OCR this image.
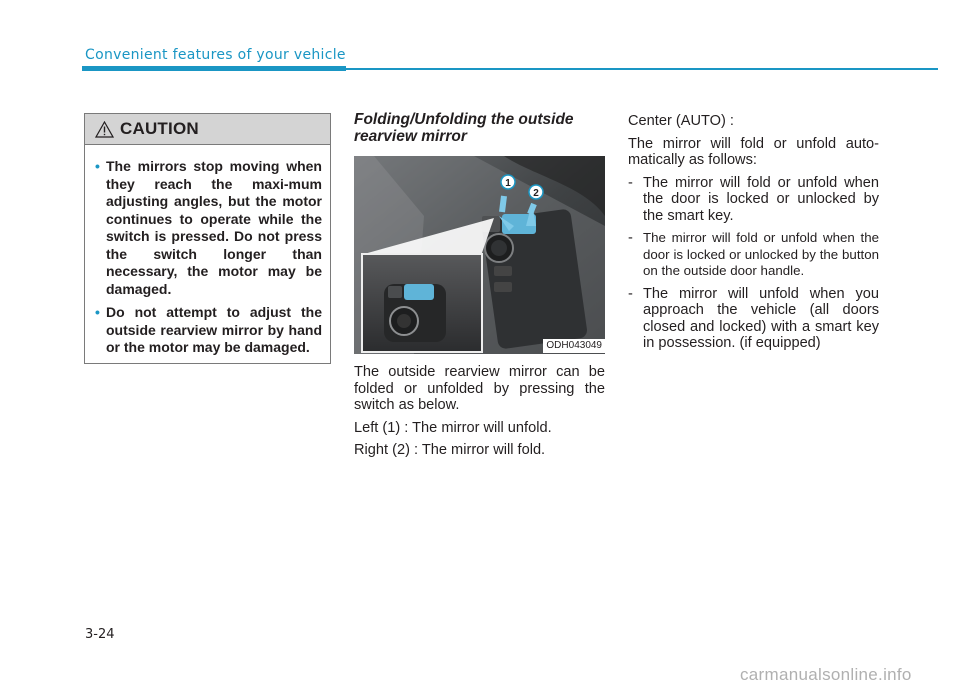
Convenient features of your vehicle
CAUTION
• The mirrors stop moving when they reach the maxi-mum adjusting angles, but the motor continues to operate while the switch is pressed. Do not press the switch longer than necessary, the motor may be damaged.
• Do not attempt to adjust the outside rearview mirror by hand or the motor may be damaged.
Folding/Unfolding the outside rearview mirror
1
2
ODH043049

The outside rearview mirror can be folded or unfolded by pressing the switch as below.

Left (1) : The mirror will unfold.

Right (2) : The mirror will fold.

Center (AUTO) :

The mirror will fold or unfold auto-matically as follows:

- The mirror will fold or unfold when the door is locked or unlocked by the smart key.
- The mirror will fold or unfold when the door is locked or unlocked by the button on the outside door handle.
- The mirror will unfold when you approach the vehicle (all doors closed and locked) with a smart key in possession. (if equipped)
3-24
carmanualsonline.info
